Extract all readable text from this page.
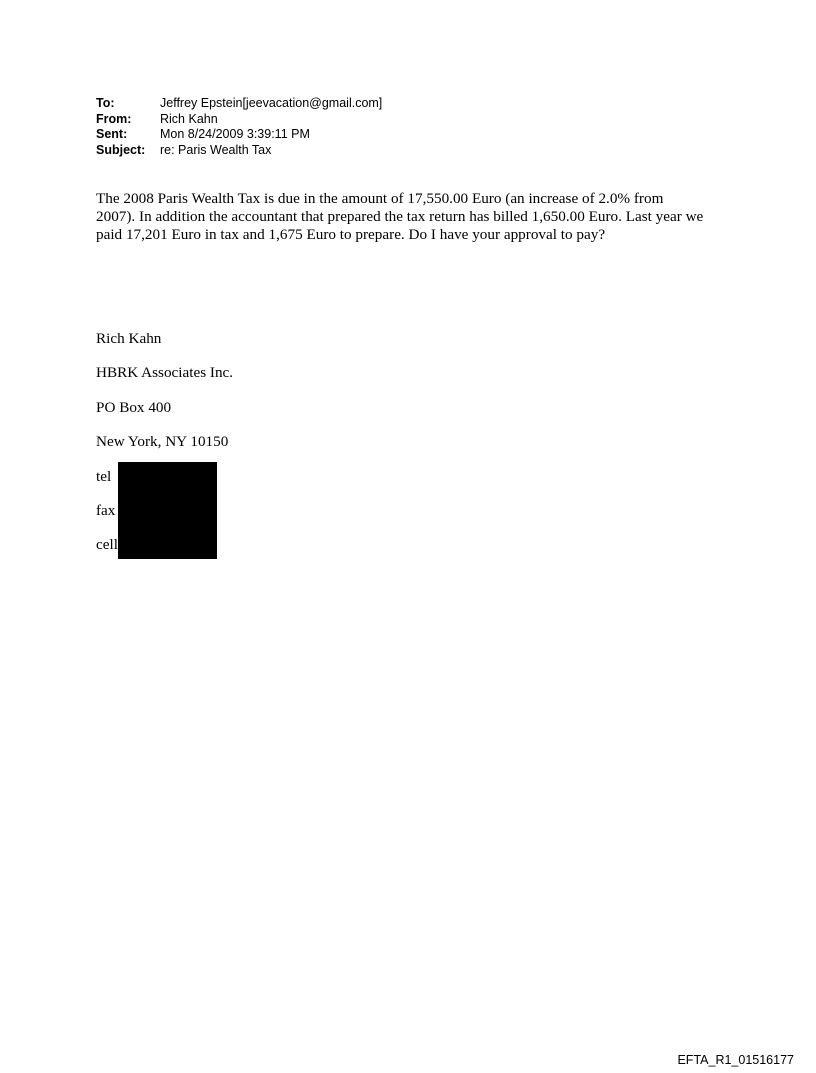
To:	Jeffrey Epstein[jeevacation@gmail.com]
From:	Rich Kahn
Sent:	Mon 8/24/2009 3:39:11 PM
Subject:	re: Paris Wealth Tax

The 2008 Paris Wealth Tax is due in the amount of 17,550.00 Euro (an increase of 2.0% from 2007). In addition the accountant that prepared the tax return has billed 1,650.00 Euro. Last year we paid 17,201 Euro in tax and 1,675 Euro to prepare. Do I have your approval to pay?

Rich Kahn
HBRK Associates Inc.
PO Box 400
New York, NY 10150
tel
fax
cell
EFTA_R1_01516177
